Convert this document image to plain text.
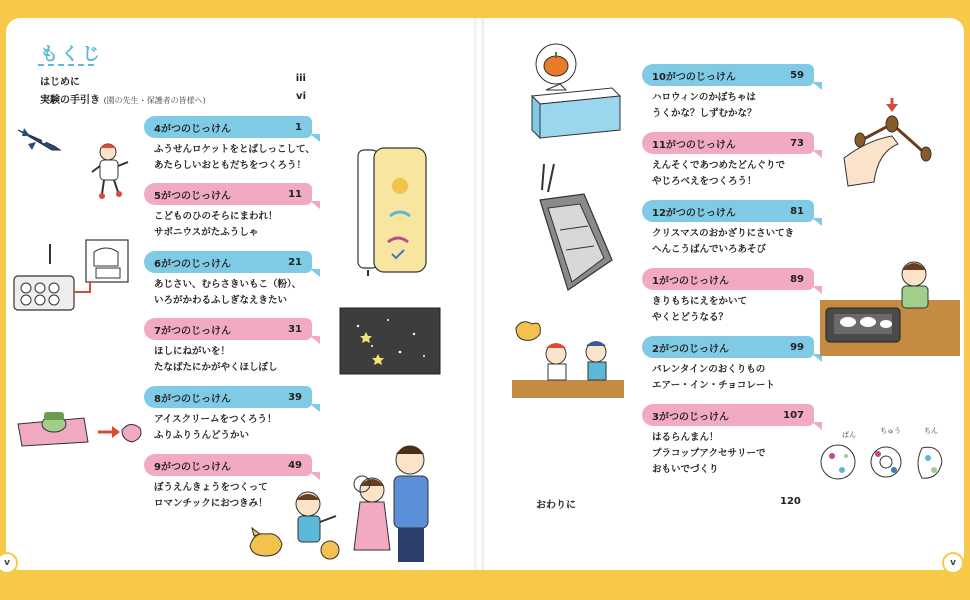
もくじ
はじめに	iii
実験の手引き (園の先生・保護者の皆様へ)	vi
4がつのじっけん	1
ふうせんロケットをとばしっこして、
あたらしいおともだちをつくろう！
5がつのじっけん	11
こどものひのそらにまわれ！
サボニウスがたふうしゃ
6がつのじっけん	21
あじさい、むらさきいもこ（粉）、
いろがかわるふしぎなえきたい
7がつのじっけん	31
ほしにねがいを！
たなばたにかがやくほしぼし
8がつのじっけん	39
アイスクリームをつくろう！
ふりふりうんどうかい
9がつのじっけん	49
ぼうえんきょうをつくって
ロマンチックにおつきみ！
10がつのじっけん	59
ハロウィンのかぼちゃは
うくかな？しずむかな？
11がつのじっけん	73
えんそくであつめたどんぐりで
やじろべえをつくろう！
12がつのじっけん	81
クリスマスのおかざりにさいてき
へんこうばんでいろあそび
1がつのじっけん	89
きりもちにえをかいて
やくとどうなる？
2がつのじっけん	99
バレンタインのおくりもの
エアー・イン・チョコレート
3がつのじっけん	107
はるらんまん！
プラコップアクセサリーで
おもいでづくり
おわりに	120
v	v
ばん	ちゅう	ちん
